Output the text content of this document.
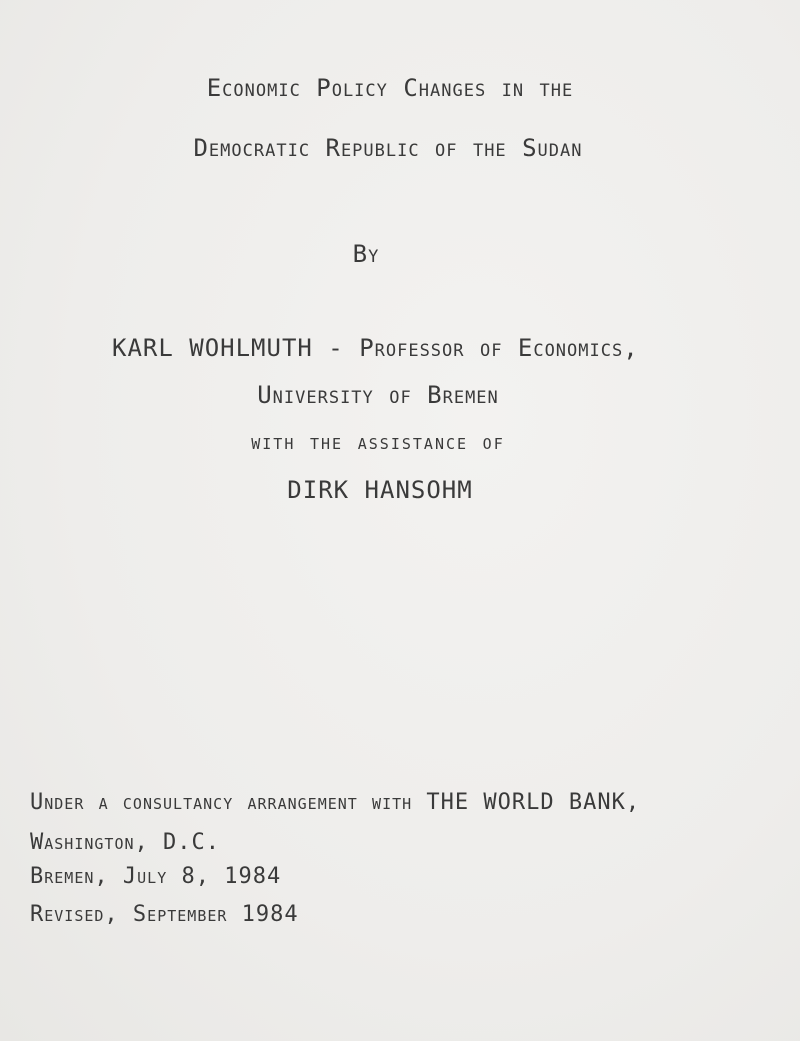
Economic Policy Changes in the
Democratic Republic of the Sudan
By
KARL WOHLMUTH - Professor of Economics,
University of Bremen
with the assistance of
DIRK HANSOHM
Under a consultancy arrangement with THE WORLD BANK,
Washington, D.C.
Bremen, July 8, 1984
Revised, September 1984
